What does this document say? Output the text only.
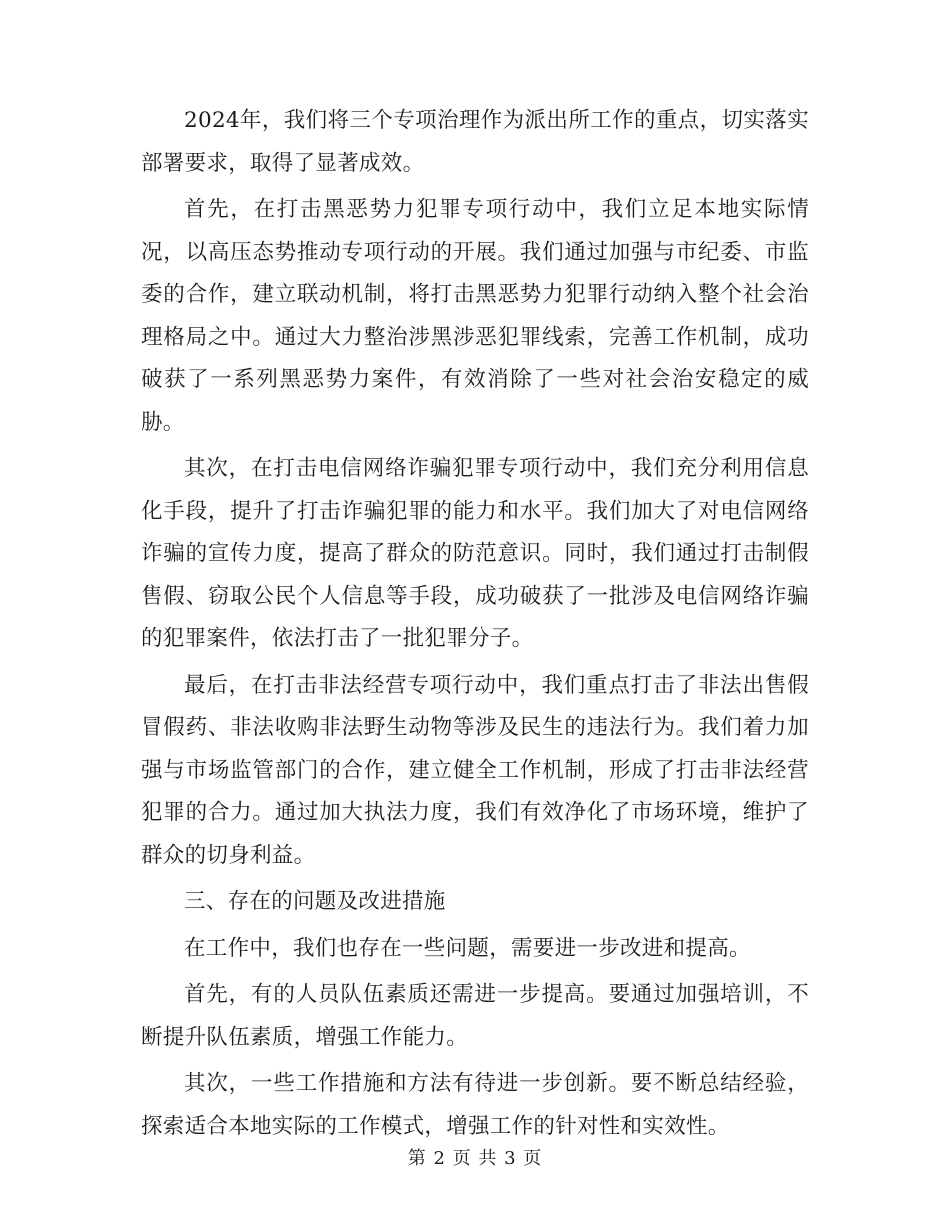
2024年，我们将三个专项治理作为派出所工作的重点，切实落实部署要求，取得了显著成效。

首先，在打击黑恶势力犯罪专项行动中，我们立足本地实际情况，以高压态势推动专项行动的开展。我们通过加强与市纪委、市监委的合作，建立联动机制，将打击黑恶势力犯罪行动纳入整个社会治理格局之中。通过大力整治涉黑涉恶犯罪线索，完善工作机制，成功破获了一系列黑恶势力案件，有效消除了一些对社会治安稳定的威胁。

其次，在打击电信网络诈骗犯罪专项行动中，我们充分利用信息化手段，提升了打击诈骗犯罪的能力和水平。我们加大了对电信网络诈骗的宣传力度，提高了群众的防范意识。同时，我们通过打击制假售假、窃取公民个人信息等手段，成功破获了一批涉及电信网络诈骗的犯罪案件，依法打击了一批犯罪分子。

最后，在打击非法经营专项行动中，我们重点打击了非法出售假冒假药、非法收购非法野生动物等涉及民生的违法行为。我们着力加强与市场监管部门的合作，建立健全工作机制，形成了打击非法经营犯罪的合力。通过加大执法力度，我们有效净化了市场环境，维护了群众的切身利益。

三、存在的问题及改进措施

在工作中，我们也存在一些问题，需要进一步改进和提高。

首先，有的人员队伍素质还需进一步提高。要通过加强培训，不断提升队伍素质，增强工作能力。

其次，一些工作措施和方法有待进一步创新。要不断总结经验，探索适合本地实际的工作模式，增强工作的针对性和实效性。

第 2 页 共 3 页
